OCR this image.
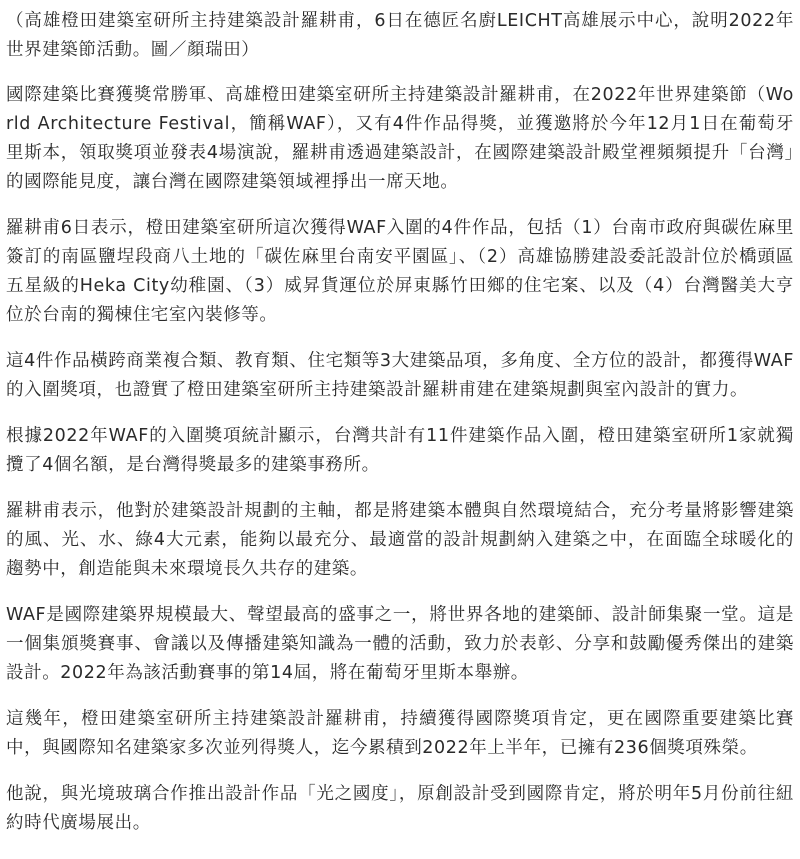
（高雄橙田建築室研所主持建築設計羅耕甫，6日在德匠名廚LEICHT高雄展示中心，說明2022年世界建築節活動。圖／顏瑞田）

國際建築比賽獲獎常勝軍、高雄橙田建築室研所主持建築設計羅耕甫，在2022年世界建築節（World Architecture Festival，簡稱WAF），又有4件作品得獎，並獲邀將於今年12月1日在葡萄牙里斯本，領取獎項並發表4場演說，羅耕甫透過建築設計，在國際建築設計殿堂裡頻頻提升「台灣」的國際能見度，讓台灣在國際建築領域裡掙出一席天地。

羅耕甫6日表示，橙田建築室研所這次獲得WAF入圍的4件作品，包括（1）台南市政府與碳佐麻里簽訂的南區鹽埕段商八土地的「碳佐麻里台南安平園區」、（2）高雄協勝建設委託設計位於橋頭區五星級的Heka City幼稚園、（3）威昇貨運位於屏東縣竹田鄉的住宅案、以及（4）台灣醫美大亨位於台南的獨棟住宅室內裝修等。

這4件作品橫跨商業複合類、教育類、住宅類等3大建築品項，多角度、全方位的設計，都獲得WAF的入圍獎項，也證實了橙田建築室研所主持建築設計羅耕甫建在建築規劃與室內設計的實力。

根據2022年WAF的入圍獎項統計顯示，台灣共計有11件建築作品入圍，橙田建築室研所1家就獨攬了4個名額，是台灣得獎最多的建築事務所。

羅耕甫表示，他對於建築設計規劃的主軸，都是將建築本體與自然環境結合，充分考量將影響建築的風、光、水、綠4大元素，能夠以最充分、最適當的設計規劃納入建築之中，在面臨全球暖化的趨勢中，創造能與未來環境長久共存的建築。

WAF是國際建築界規模最大、聲望最高的盛事之一，將世界各地的建築師、設計師集聚一堂。這是一個集頒獎賽事、會議以及傳播建築知識為一體的活動，致力於表彰、分享和鼓勵優秀傑出的建築設計。2022年為該活動賽事的第14屆，將在葡萄牙里斯本舉辦。

這幾年，橙田建築室研所主持建築設計羅耕甫，持續獲得國際獎項肯定，更在國際重要建築比賽中，與國際知名建築家多次並列得獎人，迄今累積到2022年上半年，已擁有236個獎項殊榮。

他說，與光境玻璃合作推出設計作品「光之國度」，原創設計受到國際肯定，將於明年5月份前往紐約時代廣場展出。
